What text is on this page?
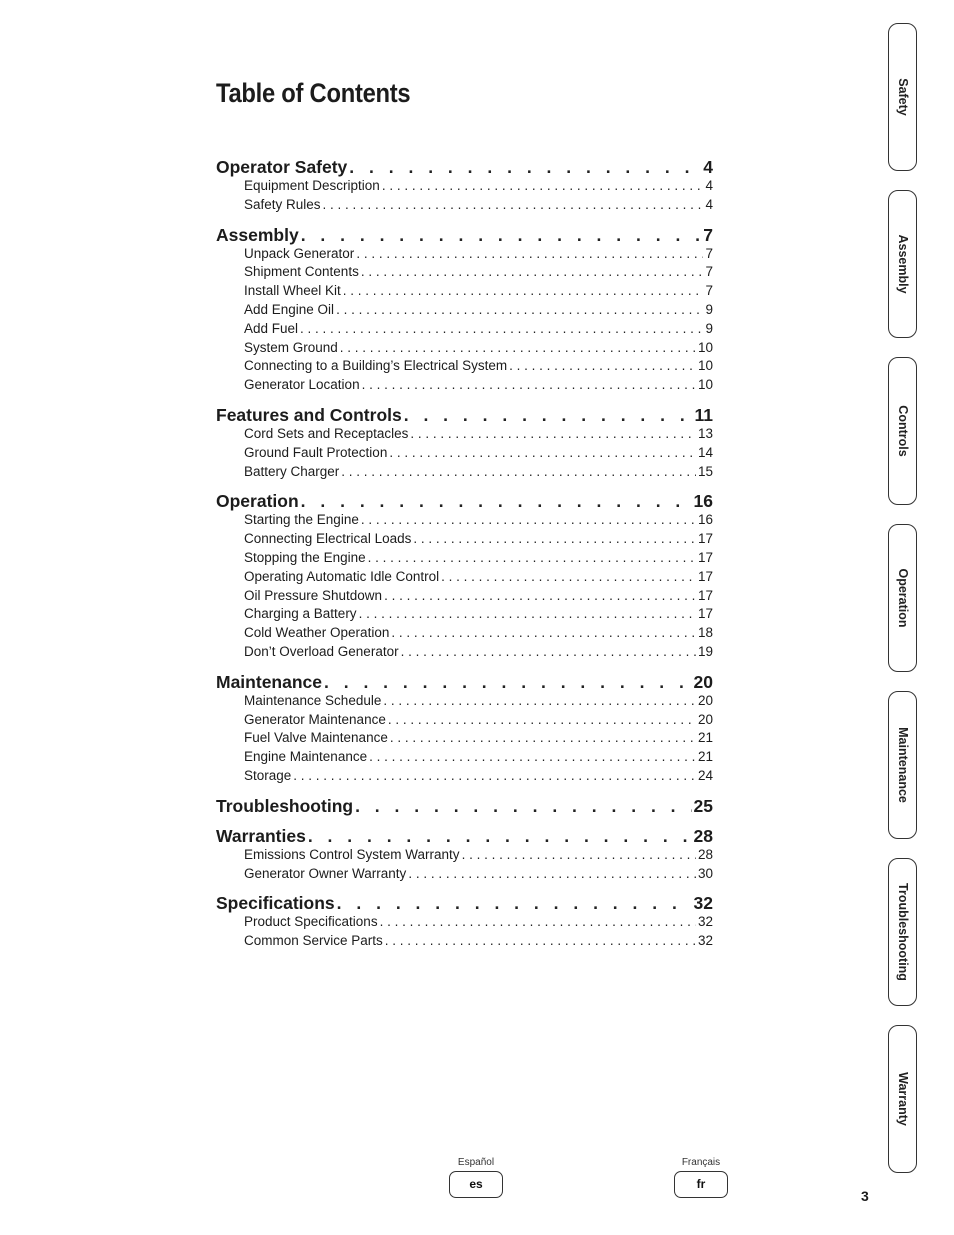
Table of Contents
Operator Safety . . .	4
Equipment Description . . .	4
Safety Rules . . .	4
Assembly . . .	7
Unpack Generator . . .	7
Shipment Contents . . .	7
Install Wheel Kit . . .	7
Add Engine Oil . . .	9
Add Fuel . . .	9
System Ground . . .	10
Connecting to a Building’s Electrical System . . .	10
Generator Location . . .	10
Features and Controls . . .	11
Cord Sets and Receptacles . . .	13
Ground Fault Protection . . .	14
Battery Charger . . .	15
Operation . . .	16
Starting the Engine . . .	16
Connecting Electrical Loads . . .	17
Stopping the Engine . . .	17
Operating Automatic Idle Control . . .	17
Oil Pressure Shutdown . . .	17
Charging a Battery . . .	17
Cold Weather Operation . . .	18
Don’t Overload Generator . . .	19
Maintenance . . .	20
Maintenance Schedule . . .	20
Generator Maintenance . . .	20
Fuel Valve Maintenance . . .	21
Engine Maintenance . . .	21
Storage . . .	24
Troubleshooting . . .	25
Warranties . . .	28
Emissions Control System Warranty . . .	28
Generator Owner Warranty . . .	30
Specifications . . .	32
Product Specifications . . .	32
Common Service Parts . . .	32
Safety
Assembly
Controls
Operation
Maintenance
Troubleshooting
Warranty
Español
es
Français
fr
3
